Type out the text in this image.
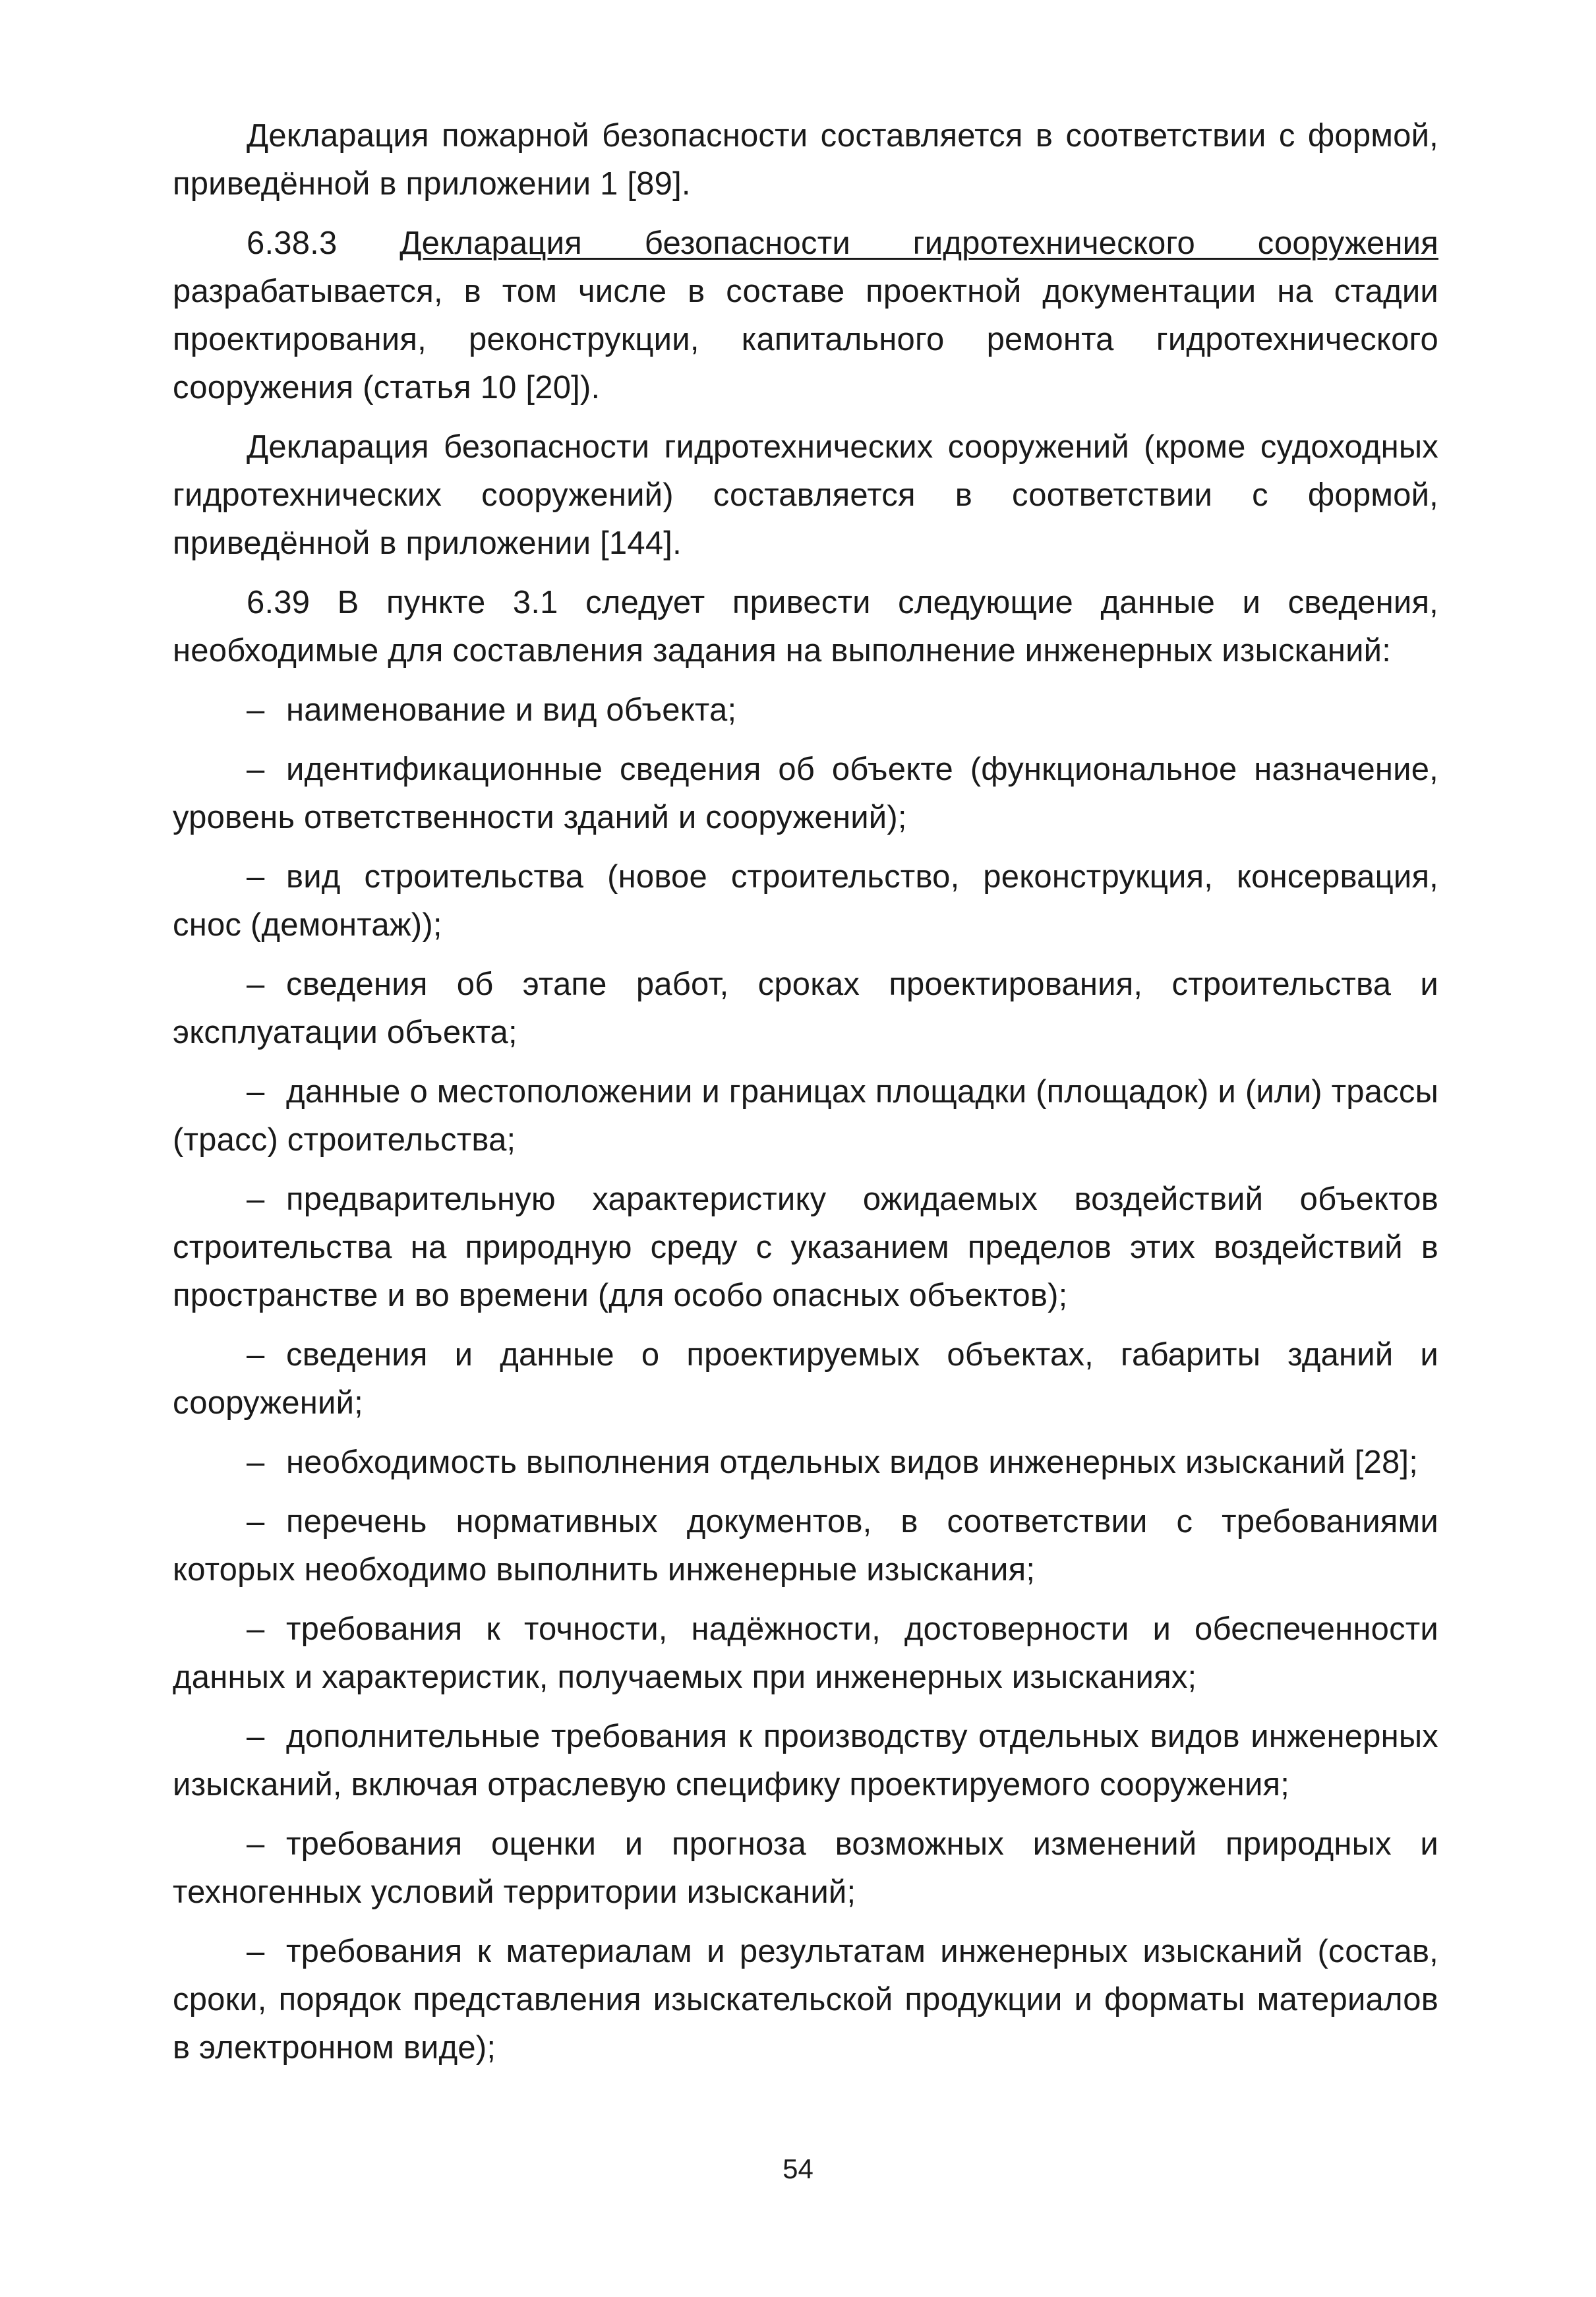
Декларация пожарной безопасности составляется в соответствии с формой, приведённой в приложении 1 [89].

6.38.3 Декларация безопасности гидротехнического сооружения разрабатывается, в том числе в составе проектной документации на стадии проектирования, реконструкции, капитального ремонта гидротехнического сооружения (статья 10 [20]).

Декларация безопасности гидротехнических сооружений (кроме судоходных гидротехнических сооружений) составляется в соответствии с формой, приведённой в приложении [144].

6.39 В пункте 3.1 следует привести следующие данные и сведения, необходимые для составления задания на выполнение инженерных изысканий:

– наименование и вид объекта;

– идентификационные сведения об объекте (функциональное назначение, уровень ответственности зданий и сооружений);

– вид строительства (новое строительство, реконструкция, консервация, снос (демонтаж));

– сведения об этапе работ, сроках проектирования, строительства и эксплуатации объекта;

– данные о местоположении и границах площадки (площадок) и (или) трассы (трасс) строительства;

– предварительную характеристику ожидаемых воздействий объектов строительства на природную среду с указанием пределов этих воздействий в пространстве и во времени (для особо опасных объектов);

– сведения и данные о проектируемых объектах, габариты зданий и сооружений;

– необходимость выполнения отдельных видов инженерных изысканий [28];

– перечень нормативных документов, в соответствии с требованиями которых необходимо выполнить инженерные изыскания;

– требования к точности, надёжности, достоверности и обеспеченности данных и характеристик, получаемых при инженерных изысканиях;

– дополнительные требования к производству отдельных видов инженерных изысканий, включая отраслевую специфику проектируемого сооружения;

– требования оценки и прогноза возможных изменений природных и техногенных условий территории изысканий;

– требования к материалам и результатам инженерных изысканий (состав, сроки, порядок представления изыскательской продукции и форматы материалов в электронном виде);

54
